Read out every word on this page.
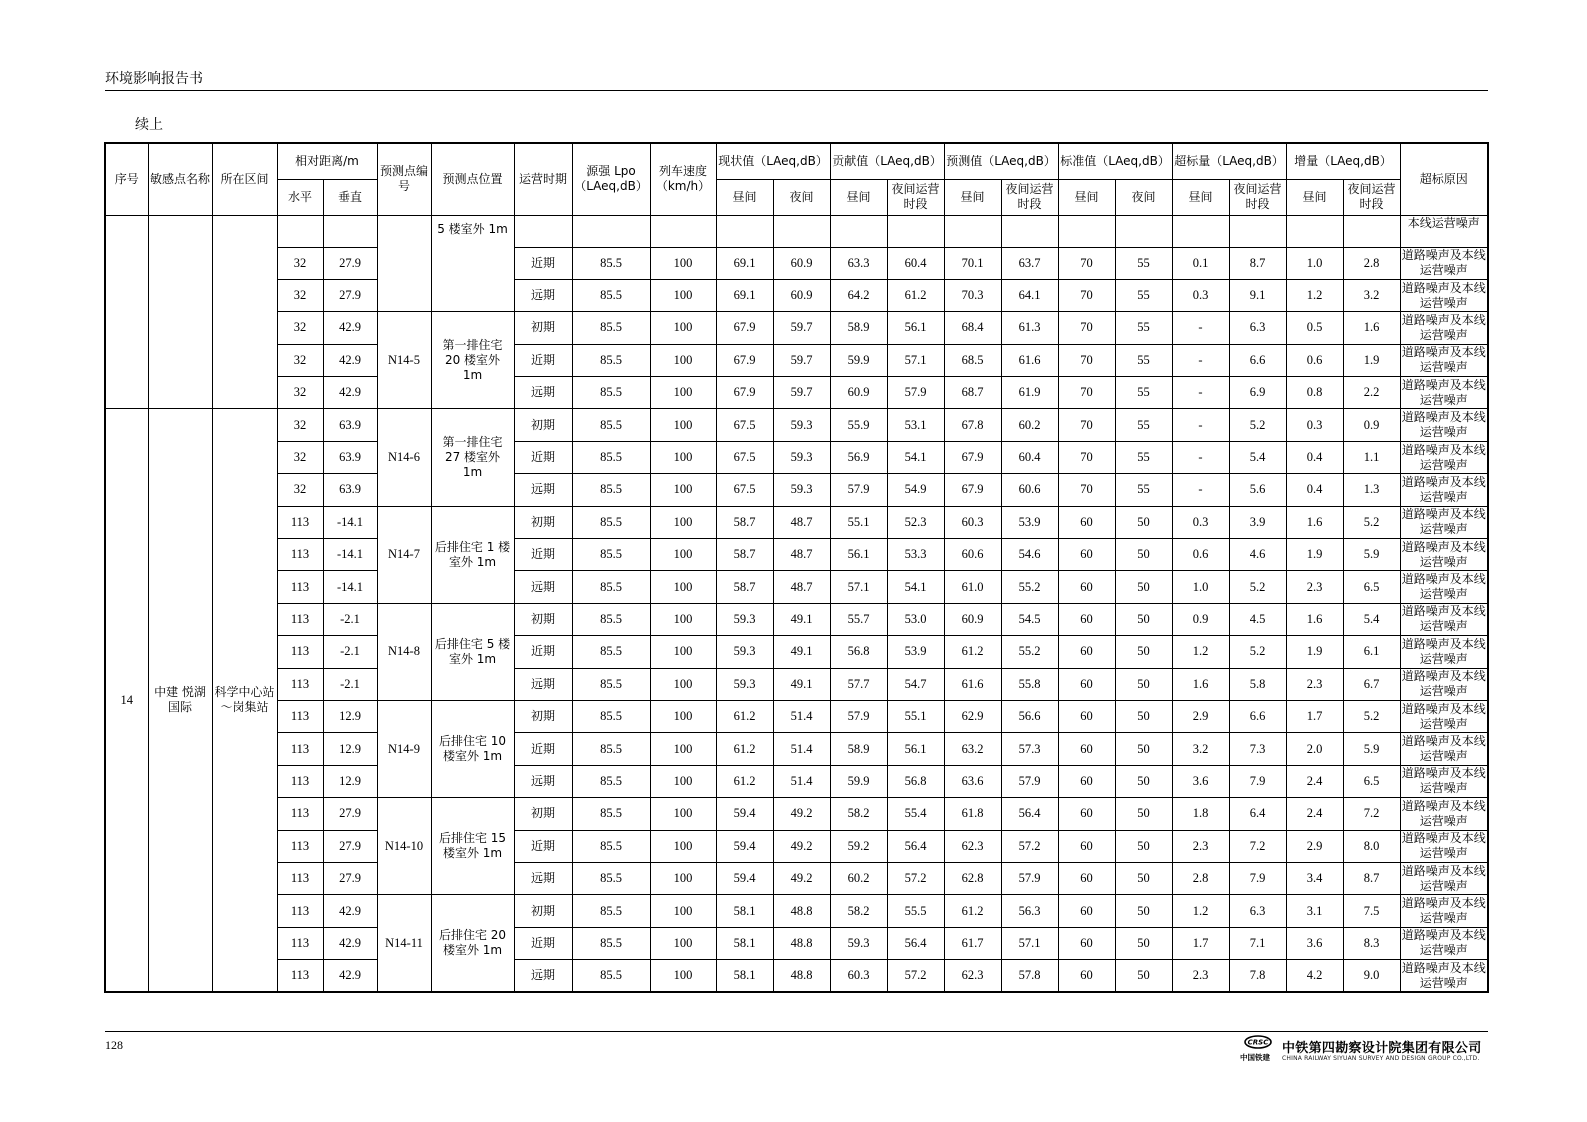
环境影响报告书
续上
序号	敏感点名称	所在区间	相对距离/m		预测点编号	预测点位置	运营时期	源强 Lpo（LAeq,dB）	列车速度（km/h）	现状值（LAeq,dB）		贡献值（LAeq,dB）		预测值（LAeq,dB）		标准值（LAeq,dB）		超标量（LAeq,dB）		增量（LAeq,dB）		超标原因
			水平	垂直						昼间	夜间	昼间	夜间运营时段	昼间	夜间运营时段	昼间	夜间	昼间	夜间运营时段	昼间	夜间运营时段	
						5 楼室外 1m																本线运营噪声
			32	27.9			近期	85.5	100	69.1	60.9	63.3	60.4	70.1	63.7	70	55	0.1	8.7	1.0	2.8	道路噪声及本线运营噪声
			32	27.9			远期	85.5	100	69.1	60.9	64.2	61.2	70.3	64.1	70	55	0.3	9.1	1.2	3.2	道路噪声及本线运营噪声
			32	42.9	N14-5	第一排住宅 20 楼室外 1m	初期	85.5	100	67.9	59.7	58.9	56.1	68.4	61.3	70	55	-	6.3	0.5	1.6	道路噪声及本线运营噪声
			32	42.9			近期	85.5	100	67.9	59.7	59.9	57.1	68.5	61.6	70	55	-	6.6	0.6	1.9	道路噪声及本线运营噪声
			32	42.9			远期	85.5	100	67.9	59.7	60.9	57.9	68.7	61.9	70	55	-	6.9	0.8	2.2	道路噪声及本线运营噪声
14	中建 悦湖国际	科学中心站～岗集站	32	63.9	N14-6	第一排住宅 27 楼室外 1m	初期	85.5	100	67.5	59.3	55.9	53.1	67.8	60.2	70	55	-	5.2	0.3	0.9	道路噪声及本线运营噪声
			32	63.9			近期	85.5	100	67.5	59.3	56.9	54.1	67.9	60.4	70	55	-	5.4	0.4	1.1	道路噪声及本线运营噪声
			32	63.9			远期	85.5	100	67.5	59.3	57.9	54.9	67.9	60.6	70	55	-	5.6	0.4	1.3	道路噪声及本线运营噪声
			113	-14.1	N14-7	后排住宅 1 楼室外 1m	初期	85.5	100	58.7	48.7	55.1	52.3	60.3	53.9	60	50	0.3	3.9	1.6	5.2	道路噪声及本线运营噪声
			113	-14.1			近期	85.5	100	58.7	48.7	56.1	53.3	60.6	54.6	60	50	0.6	4.6	1.9	5.9	道路噪声及本线运营噪声
			113	-14.1			远期	85.5	100	58.7	48.7	57.1	54.1	61.0	55.2	60	50	1.0	5.2	2.3	6.5	道路噪声及本线运营噪声
			113	-2.1	N14-8	后排住宅 5 楼室外 1m	初期	85.5	100	59.3	49.1	55.7	53.0	60.9	54.5	60	50	0.9	4.5	1.6	5.4	道路噪声及本线运营噪声
			113	-2.1			近期	85.5	100	59.3	49.1	56.8	53.9	61.2	55.2	60	50	1.2	5.2	1.9	6.1	道路噪声及本线运营噪声
			113	-2.1			远期	85.5	100	59.3	49.1	57.7	54.7	61.6	55.8	60	50	1.6	5.8	2.3	6.7	道路噪声及本线运营噪声
			113	12.9	N14-9	后排住宅 10 楼室外 1m	初期	85.5	100	61.2	51.4	57.9	55.1	62.9	56.6	60	50	2.9	6.6	1.7	5.2	道路噪声及本线运营噪声
			113	12.9			近期	85.5	100	61.2	51.4	58.9	56.1	63.2	57.3	60	50	3.2	7.3	2.0	5.9	道路噪声及本线运营噪声
			113	12.9			远期	85.5	100	61.2	51.4	59.9	56.8	63.6	57.9	60	50	3.6	7.9	2.4	6.5	道路噪声及本线运营噪声
			113	27.9	N14-10	后排住宅 15 楼室外 1m	初期	85.5	100	59.4	49.2	58.2	55.4	61.8	56.4	60	50	1.8	6.4	2.4	7.2	道路噪声及本线运营噪声
			113	27.9			近期	85.5	100	59.4	49.2	59.2	56.4	62.3	57.2	60	50	2.3	7.2	2.9	8.0	道路噪声及本线运营噪声
			113	27.9			远期	85.5	100	59.4	49.2	60.2	57.2	62.8	57.9	60	50	2.8	7.9	3.4	8.7	道路噪声及本线运营噪声
			113	42.9	N14-11	后排住宅 20 楼室外 1m	初期	85.5	100	58.1	48.8	58.2	55.5	61.2	56.3	60	50	1.2	6.3	3.1	7.5	道路噪声及本线运营噪声
			113	42.9			近期	85.5	100	58.1	48.8	59.3	56.4	61.7	57.1	60	50	1.7	7.1	3.6	8.3	道路噪声及本线运营噪声
			113	42.9			远期	85.5	100	58.1	48.8	60.3	57.2	62.3	57.8	60	50	2.3	7.8	4.2	9.0	道路噪声及本线运营噪声
128	CRSC
中国铁建
中铁第四勘察设计院集团有限公司
CHINA RAILWAY SIYUAN SURVEY AND DESIGN GROUP CO.,LTD.
